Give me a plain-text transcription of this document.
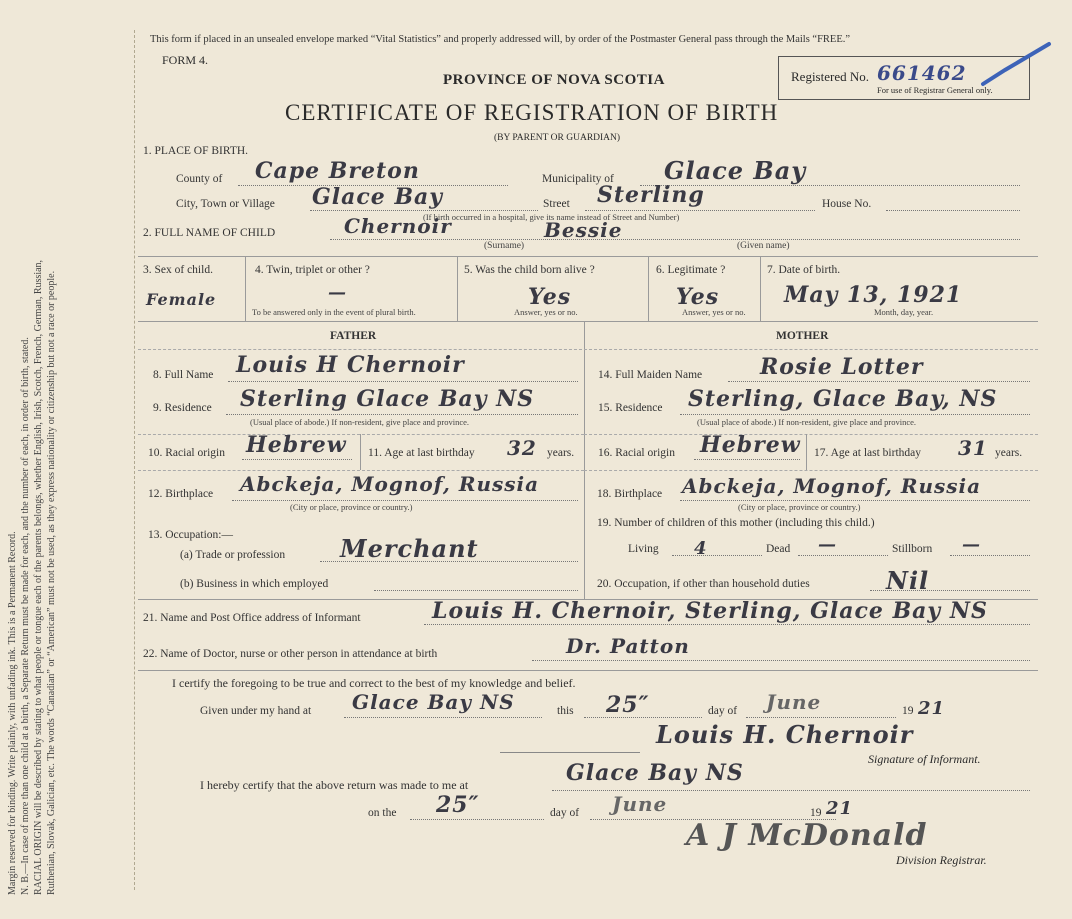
Margin reserved for binding. Write plainly, with unfading ink. This is a Permanent Record. N. B.—In case of more than one child at a birth, a Separate Return must be made for each, and the number of each, in order of birth, stated. RACIAL ORIGIN will be described by stating to what people or tongue each of the parents belongs, whether English, Irish, Scotch, French, German, Russian, Ruthenian, Slovak, Galician, etc. The words “Canadian” or “American” must not be used, as they express nationality or citizenship but not a race or people.
This form if placed in an unsealed envelope marked “Vital Statistics” and properly addressed will, by order of the Postmaster General pass through the Mails “FREE.”
FORM 4.
PROVINCE OF NOVA SCOTIA
CERTIFICATE OF REGISTRATION OF BIRTH
(BY PARENT OR GUARDIAN)
Registered No. 661462
For use of Registrar General only.
1. PLACE OF BIRTH.
County of Cape Breton	Municipality of Glace Bay
City, Town or Village Glace Bay	Street Sterling	House No.
(If birth occurred in a hospital, give its name instead of Street and Number)
2. FULL NAME OF CHILD	Chernoir	Bessie
(Surname)	(Given name)
3. Sex of child.
Female
4. Twin, triplet or other ?
—
To be answered only in the event of plural birth.
5. Was the child born alive ?
Yes
Answer, yes or no.
6. Legitimate ?
Yes
Answer, yes or no.
7. Date of birth.
May 13, 1921
Month, day, year.
FATHER	MOTHER
8. Full Name Louis H Chernoir
9. Residence Sterling Glace Bay NS
(Usual place of abode.) If non-resident, give place and province.
10. Racial origin Hebrew 11. Age at last birthday 32 years.
12. Birthplace Abckeja, Mognof, Russia
(City or place, province or country.)
13. Occupation:—
(a) Trade or profession Merchant
(b) Business in which employed
14. Full Maiden Name	Rosie Lotter
15. Residence Sterling, Glace Bay, NS
(Usual place of abode.) If non-resident, give place and province.
16. Racial origin Hebrew 17. Age at last birthday 31 years.
18. Birthplace Abckeja, Mognof, Russia
(City or place, province or country.)
19. Number of children of this mother (including this child.)
Living 4	Dead —	Stillborn —
20. Occupation, if other than household duties	Nil
21. Name and Post Office address of Informant	Louis H. Chernoir, Sterling, Glace Bay NS
22. Name of Doctor, nurse or other person in attendance at birth	Dr. Patton
I certify the foregoing to be true and correct to the best of my knowledge and belief.
Given under my hand at Glace Bay NS	this 25″	day of June	19 21
Louis H. Chernoir
Signature of Informant.
I hereby certify that the above return was made to me at	Glace Bay NS
on the 25″	day of June	19 21
A J McDonald
Division Registrar.
